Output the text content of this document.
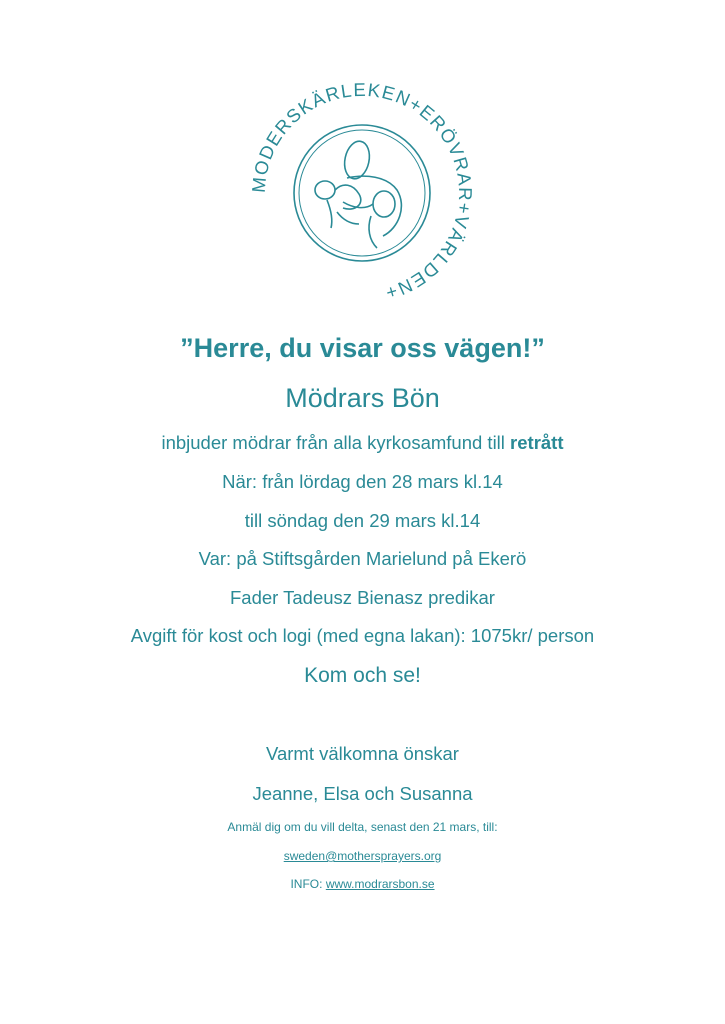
MODERSKÄRLEKEN+ERÖVRAR+VÄRLDEN+
”Herre, du visar oss vägen!”
Mödrars Bön
inbjuder mödrar från alla kyrkosamfund till retrått
När: från lördag den 28 mars kl.14
till söndag den 29 mars kl.14
Var: på Stiftsgården Marielund på Ekerö
Fader Tadeusz Bienasz predikar
Avgift för kost och logi (med egna lakan): 1075kr/ person
Kom och se!
Varmt välkomna önskar
Jeanne, Elsa och Susanna
Anmäl dig om du vill delta, senast den 21 mars, till:
sweden@mothersprayers.org
INFO: www.modrarsbon.se
